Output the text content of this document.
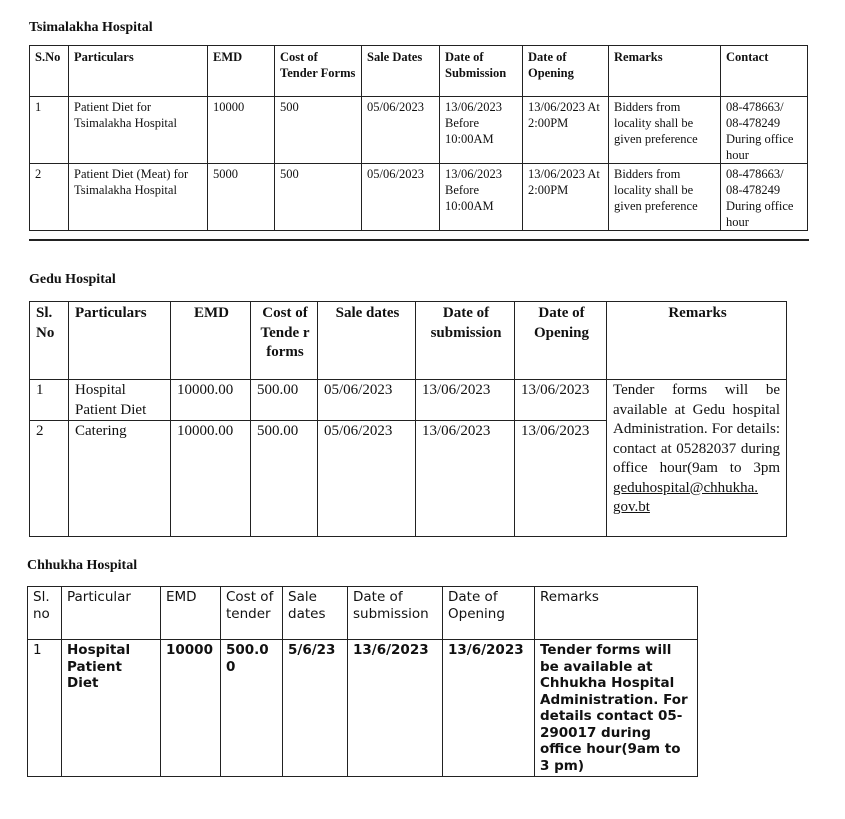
Tsimalakha Hospital
S.No	Particulars	EMD	Cost of Tender Forms	Sale Dates	Date of Submission	Date of Opening	Remarks	Contact
1	Patient Diet for Tsimalakha Hospital	10000	500	05/06/2023	13/06/2023 Before 10:00AM	13/06/2023 At 2:00PM	Bidders from locality shall be given preference	08-478663/ 08-478249 During office hour
2	Patient Diet (Meat) for Tsimalakha Hospital	5000	500	05/06/2023	13/06/2023 Before 10:00AM	13/06/2023 At 2:00PM	Bidders from locality shall be given preference	08-478663/ 08-478249 During office hour
Gedu Hospital
Sl. No	Particulars	EMD	Cost of Tende r forms	Sale dates	Date of submission	Date of Opening	Remarks
1	Hospital Patient Diet	10000.00	500.00	05/06/2023	13/06/2023	13/06/2023	Tender forms will be available at Gedu hospital Administration. For details: contact at 05282037 during office hour(9am to 3pm geduhospital@chhukha. gov.bt
2	Catering	10000.00	500.00	05/06/2023	13/06/2023	13/06/2023	
Chhukha Hospital
Sl. no	Particular	EMD	Cost of tender	Sale dates	Date of submission	Date of Opening	Remarks
1	Hospital Patient Diet	10000	500.0 0	5/6/23	13/6/2023	13/6/2023	Tender forms will be available at Chhukha Hospital Administration. For details contact 05-290017 during office hour(9am to 3 pm)
